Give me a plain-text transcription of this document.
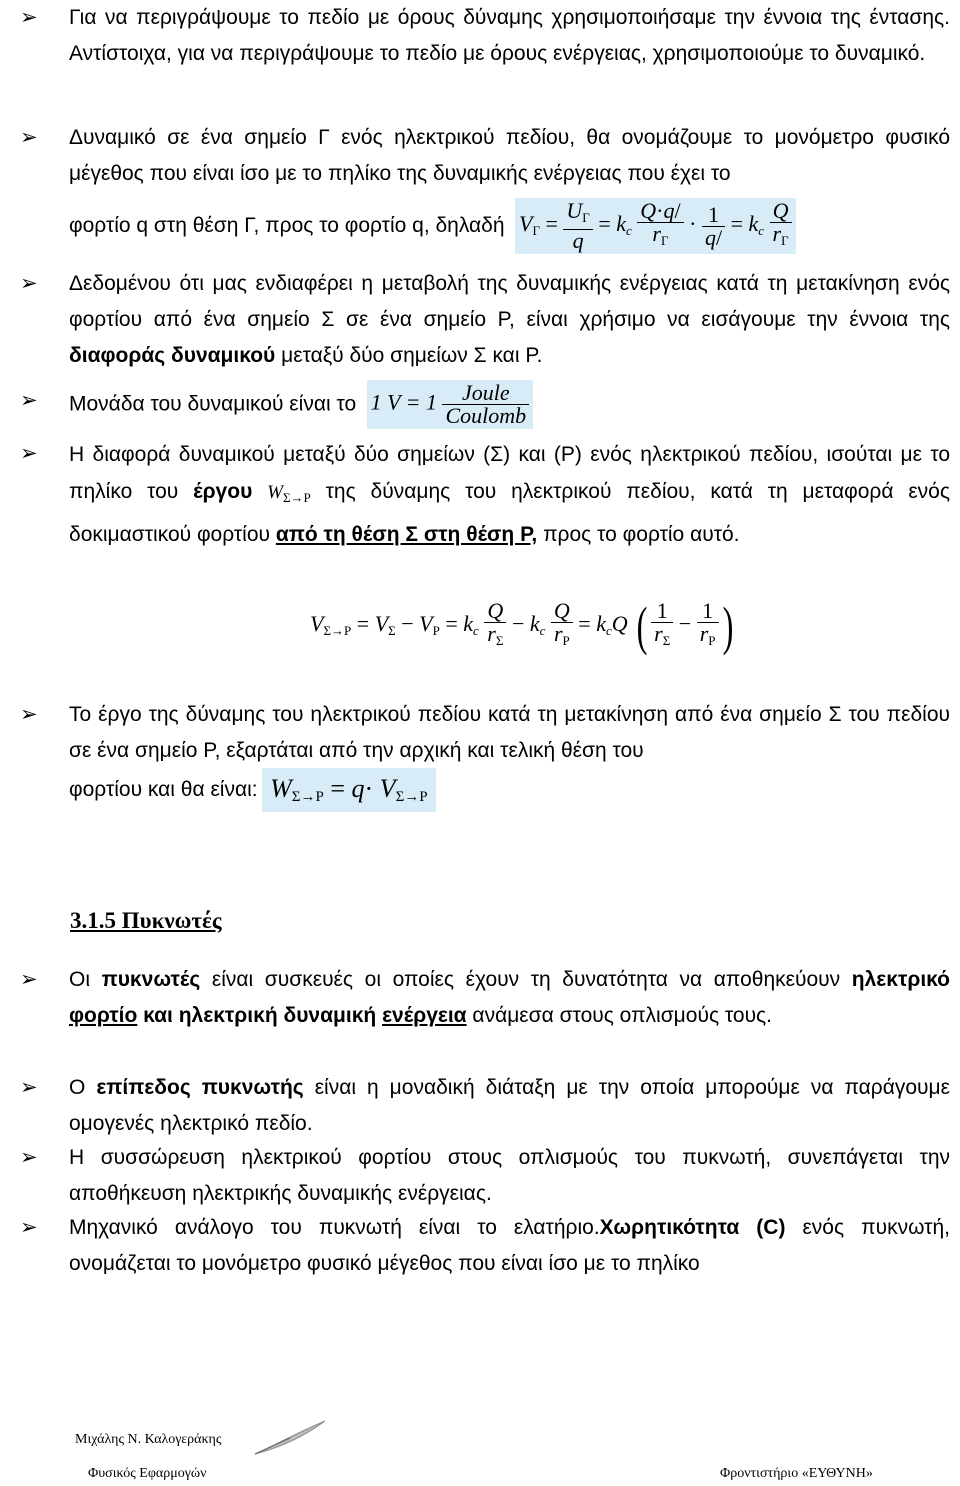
➢	Για να περιγράψουμε το πεδίο με όρους δύναμης χρησιμοποιήσαμε την έννοια της έντασης. Αντίστοιχα, για να περιγράψουμε το πεδίο με όρους ενέργειας, χρησιμοποιούμε το δυναμικό.
➢	Δυναμικό σε ένα σημείο Γ ενός ηλεκτρικού πεδίου, θα ονομάζουμε το μονόμετρο φυσικό μέγεθος που είναι ίσο με το πηλίκο της δυναμικής ενέργειας που έχει το
φορτίο q στη θέση Γ, προς το φορτίο q, δηλαδή $V_\Gamma = \frac{U_\Gamma}{q} = k_c \frac{Q\cdot q/}{r_\Gamma} \cdot \frac{1}{q/} = k_c \frac{Q}{r_\Gamma}$
➢	Δεδομένου ότι μας ενδιαφέρει η μεταβολή της δυναμικής ενέργειας κατά τη μετακίνηση ενός φορτίου από ένα σημείο Σ σε ένα σημείο Ρ, είναι χρήσιμο να εισάγουμε την έννοια της διαφοράς δυναμικού μεταξύ δύο σημείων Σ και Ρ.
➢	Μονάδα του δυναμικού είναι το 1 $V = 1 \frac{\text{Joule}}{\text{Coulomb}}$
➢	Η διαφορά δυναμικού μεταξύ δύο σημείων (Σ) και (Ρ) ενός ηλεκτρικού πεδίου, ισούται με το πηλίκο του έργου $W_{\Sigma\to P}$ της δύναμης του ηλεκτρικού πεδίου, κατά τη μεταφορά ενός δοκιμαστικού φορτίου από τη θέση Σ στη θέση Ρ, προς το φορτίο αυτό.
$V_{\Sigma\to P} = V_\Sigma - V_P = k_c \frac{Q}{r_\Sigma} - k_c \frac{Q}{r_P} = k_cQ$ ( $\frac{1}{r_\Sigma} - \frac{1}{r_P}$ )
➢	Το έργο της δύναμης του ηλεκτρικού πεδίου κατά τη μετακίνηση από ένα σημείο Σ του πεδίου σε ένα σημείο Ρ, εξαρτάται από την αρχική και τελική θέση του
φορτίου και θα είναι: $W_{\Sigma\to P} = q\cdot V_{\Sigma\to P}$
3.1.5 Πυκνωτές
➢	Οι πυκνωτές είναι συσκευές οι οποίες έχουν τη δυνατότητα να αποθηκεύουν ηλεκτρικό φορτίο και ηλεκτρική δυναμική ενέργεια ανάμεσα στους οπλισμούς τους.
➢	Ο επίπεδος πυκνωτής είναι η μοναδική διάταξη με την οποία μπορούμε να παράγουμε ομογενές ηλεκτρικό πεδίο.
➢	Η συσσώρευση ηλεκτρικού φορτίου στους οπλισμούς του πυκνωτή, συνεπάγεται την αποθήκευση ηλεκτρικής δυναμικής ενέργειας.
➢	Μηχανικό ανάλογο του πυκνωτή είναι το ελατήριο.Χωρητικότητα (C) ενός πυκνωτή, ονομάζεται το μονόμετρο φυσικό μέγεθος που είναι ίσο με το πηλίκο
Μιχάλης Ν. Καλογεράκης
Φυσικός Εφαρμογών	Φροντιστήριο «ΕΥΘΥΝΗ»
